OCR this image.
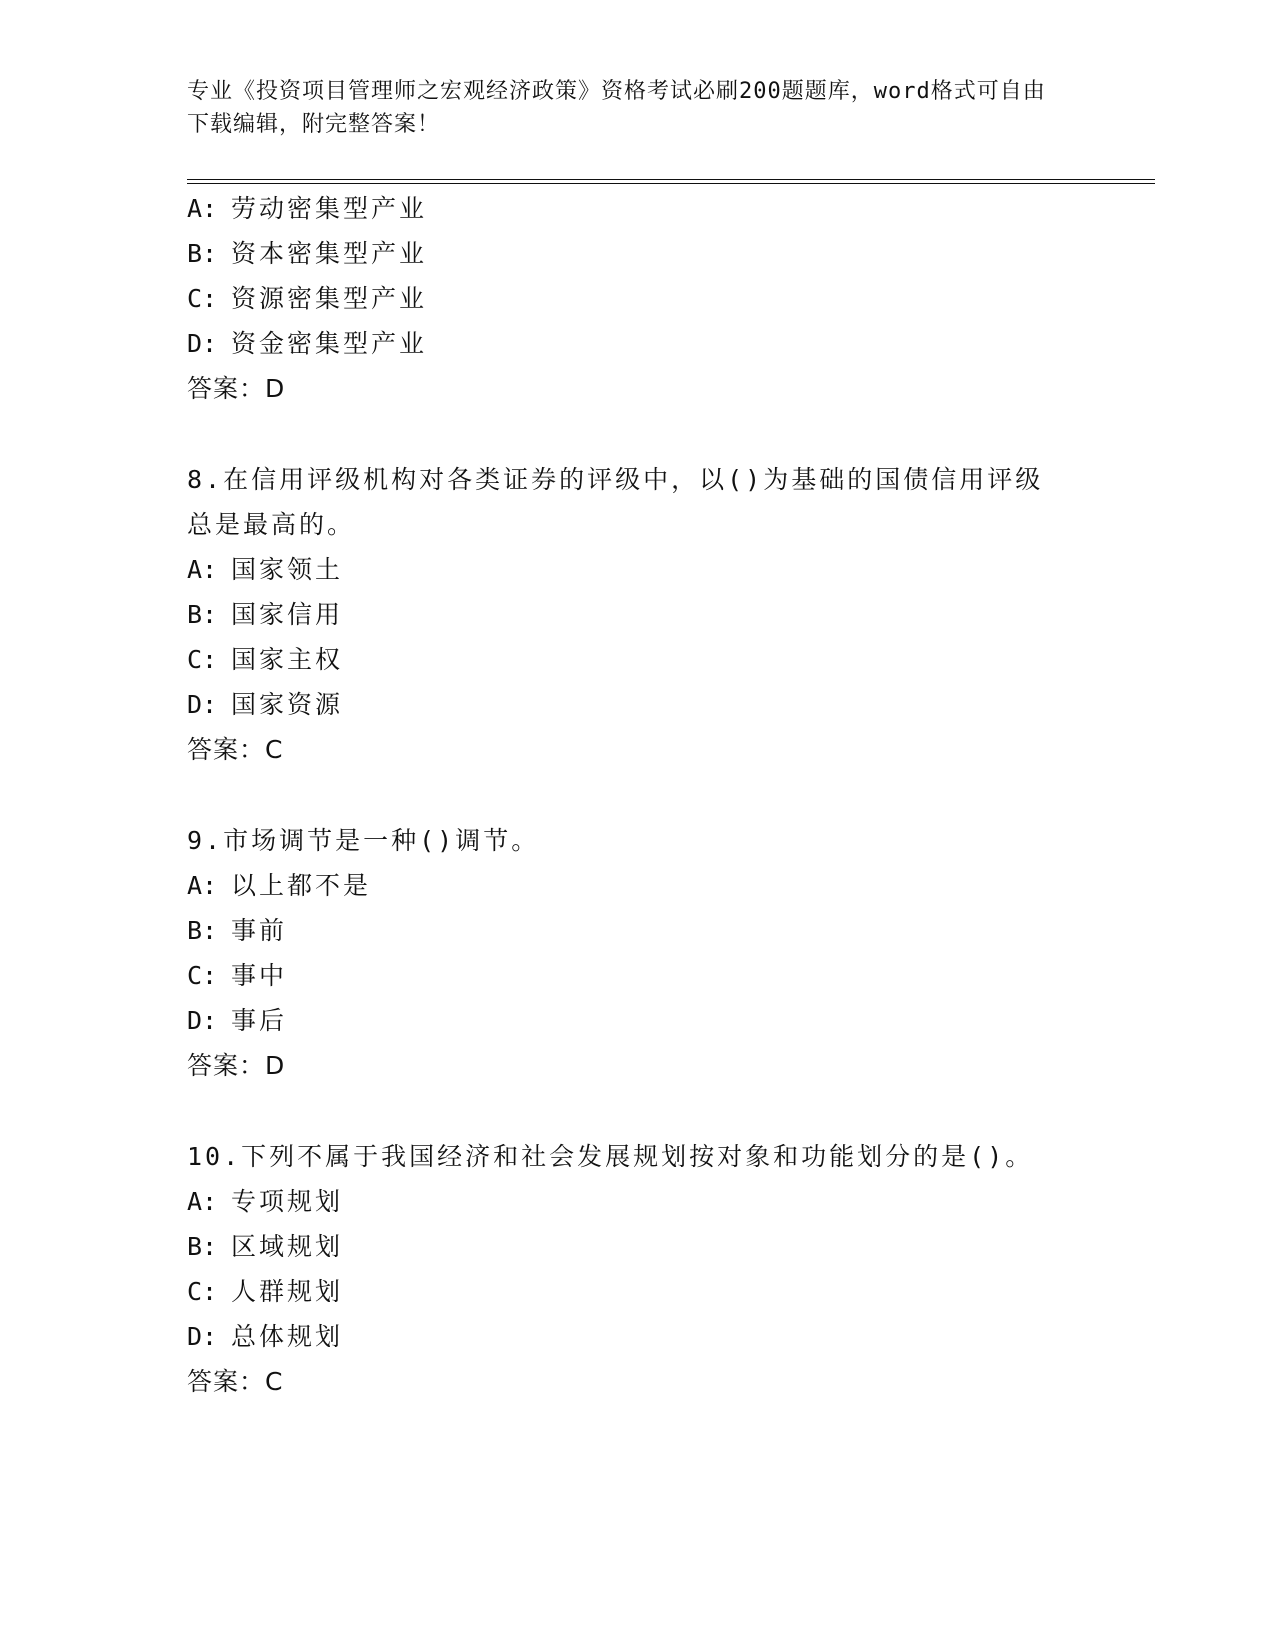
专业《投资项目管理师之宏观经济政策》资格考试必刷200题题库，word格式可自由下载编辑，附完整答案！

A: 劳动密集型产业

B: 资本密集型产业

C: 资源密集型产业

D: 资金密集型产业

答案：D

8.在信用评级机构对各类证券的评级中，以()为基础的国债信用评级

总是最高的。

A: 国家领土

B: 国家信用

C: 国家主权

D: 国家资源

答案：C

9.市场调节是一种()调节。

A: 以上都不是

B: 事前

C: 事中

D: 事后

答案：D

10.下列不属于我国经济和社会发展规划按对象和功能划分的是()。

A: 专项规划

B: 区域规划

C: 人群规划

D: 总体规划

答案：C
